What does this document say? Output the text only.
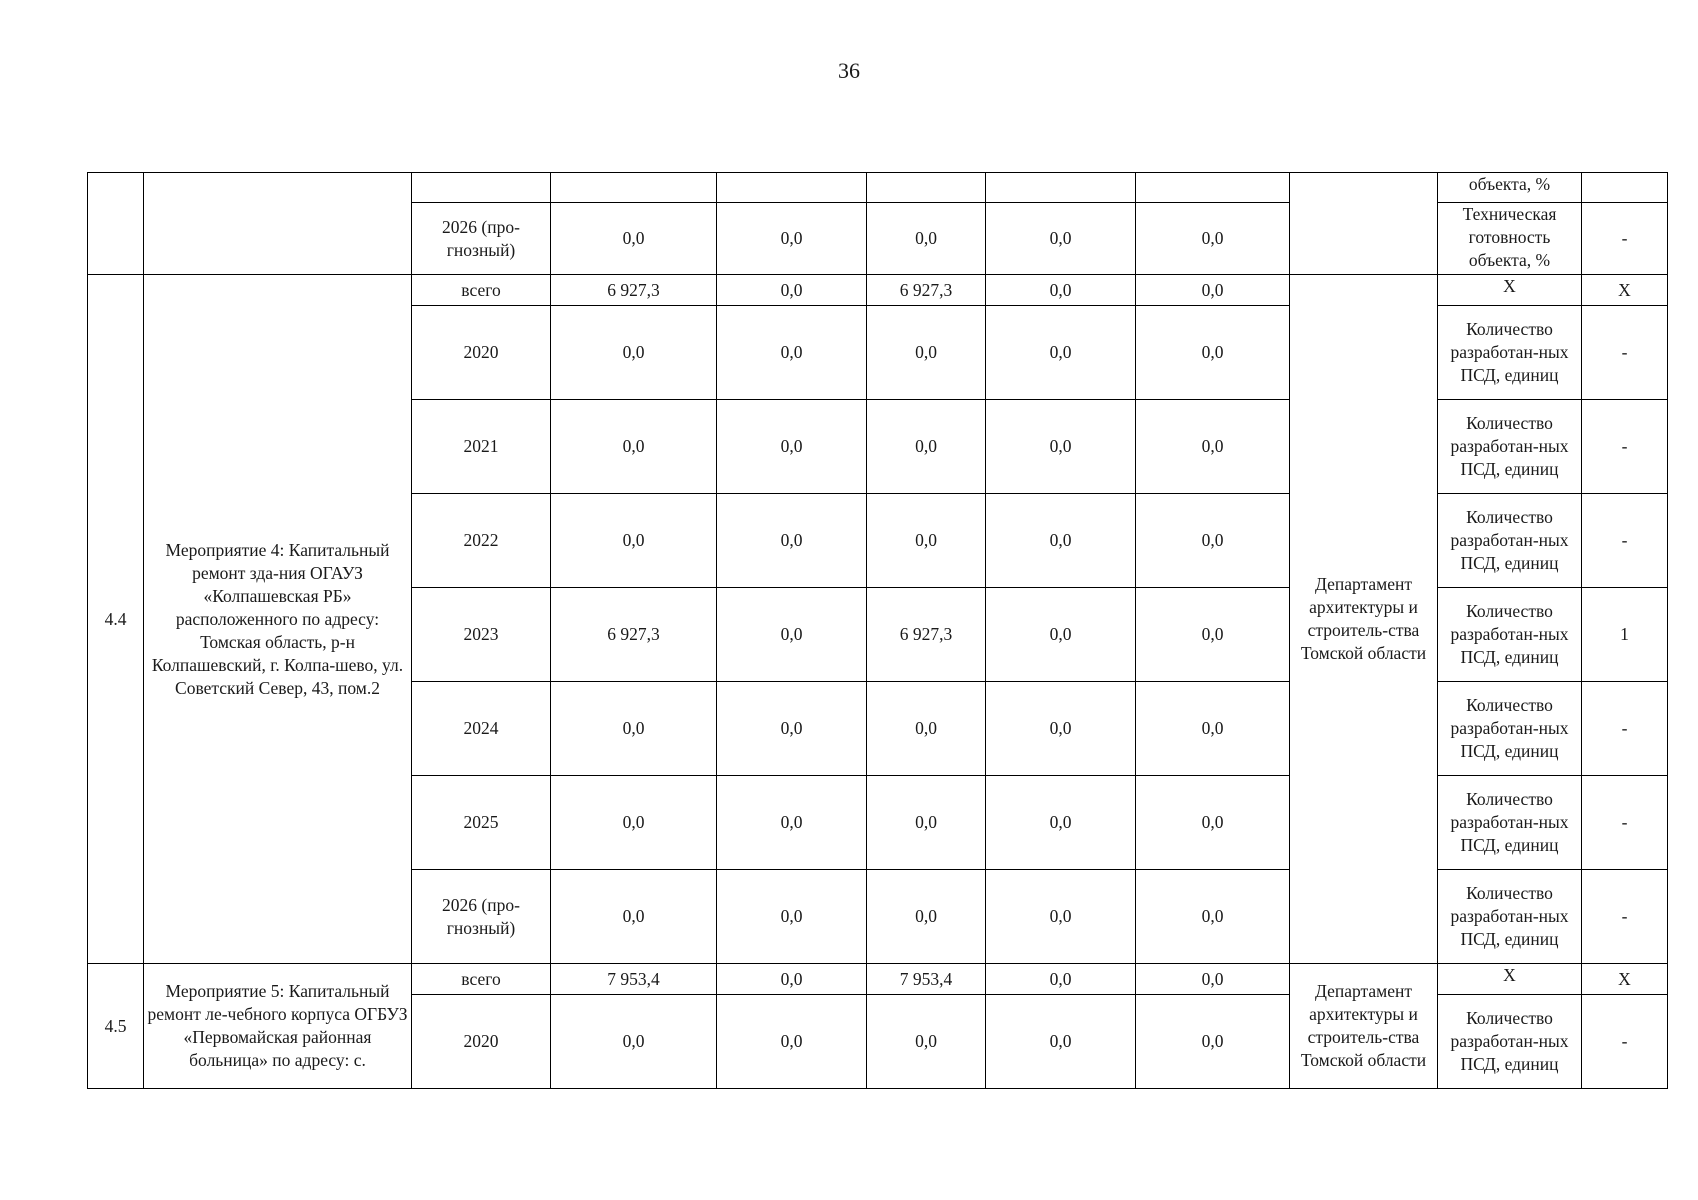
36
									объекта, %	
		2026 (про-гнозный)	0,0	0,0	0,0	0,0	0,0		Техническая готовность объекта, %	-
4.4	Мероприятие 4: Капитальный ремонт зда-ния ОГАУЗ «Колпашевская РБ» расположенного по адресу: Томская область, р-н Колпашевский, г. Колпа-шево, ул. Советский Север, 43, пом.2	всего	6 927,3	0,0	6 927,3	0,0	0,0	Департамент архитектуры и строитель-ства Томской области	X	X
		2020	0,0	0,0	0,0	0,0	0,0		Количество разработан-ных ПСД, единиц	-
		2021	0,0	0,0	0,0	0,0	0,0		Количество разработан-ных ПСД, единиц	-
		2022	0,0	0,0	0,0	0,0	0,0		Количество разработан-ных ПСД, единиц	-
		2023	6 927,3	0,0	6 927,3	0,0	0,0		Количество разработан-ных ПСД, единиц	1
		2024	0,0	0,0	0,0	0,0	0,0		Количество разработан-ных ПСД, единиц	-
		2025	0,0	0,0	0,0	0,0	0,0		Количество разработан-ных ПСД, единиц	-
		2026 (про-гнозный)	0,0	0,0	0,0	0,0	0,0		Количество разработан-ных ПСД, единиц	-
4.5	Мероприятие 5: Капитальный ремонт ле-чебного корпуса ОГБУЗ «Первомайская районная больница» по адресу: с.	всего	7 953,4	0,0	7 953,4	0,0	0,0	Департамент архитектуры и строитель-ства Томской области	X	X
		2020	0,0	0,0	0,0	0,0	0,0		Количество разработан-ных ПСД, единиц	-
